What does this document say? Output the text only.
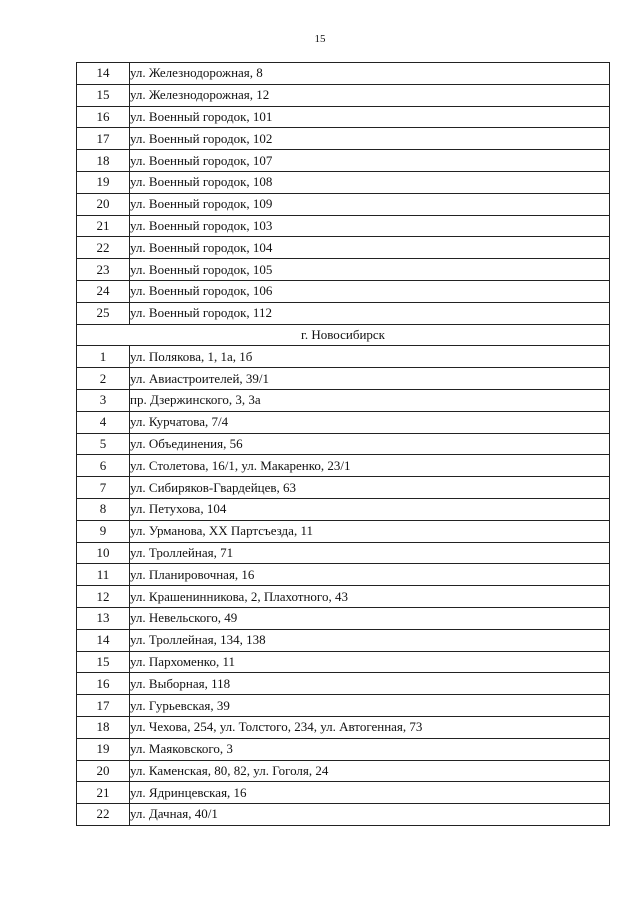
15
14	ул. Железнодорожная, 8
15	ул. Железнодорожная, 12
16	ул. Военный городок, 101
17	ул. Военный городок, 102
18	ул. Военный городок, 107
19	ул. Военный городок, 108
20	ул. Военный городок, 109
21	ул. Военный городок, 103
22	ул. Военный городок, 104
23	ул. Военный городок, 105
24	ул. Военный городок, 106
25	ул. Военный городок, 112
г. Новосибирск	
1	ул. Полякова, 1, 1а, 1б
2	ул. Авиастроителей, 39/1
3	пр. Дзержинского, 3, 3а
4	ул. Курчатова, 7/4
5	ул. Объединения, 56
6	ул. Столетова, 16/1, ул. Макаренко, 23/1
7	ул. Сибиряков-Гвардейцев, 63
8	ул. Петухова, 104
9	ул. Урманова, XX Партсъезда, 11
10	ул. Троллейная, 71
11	ул. Планировочная, 16
12	ул. Крашенинникова, 2, Плахотного, 43
13	ул. Невельского, 49
14	ул. Троллейная, 134, 138
15	ул. Пархоменко, 11
16	ул. Выборная, 118
17	ул. Гурьевская, 39
18	ул. Чехова, 254, ул. Толстого, 234, ул. Автогенная, 73
19	ул. Маяковского, 3
20	ул. Каменская, 80, 82, ул. Гоголя, 24
21	ул. Ядринцевская, 16
22	ул. Дачная, 40/1
